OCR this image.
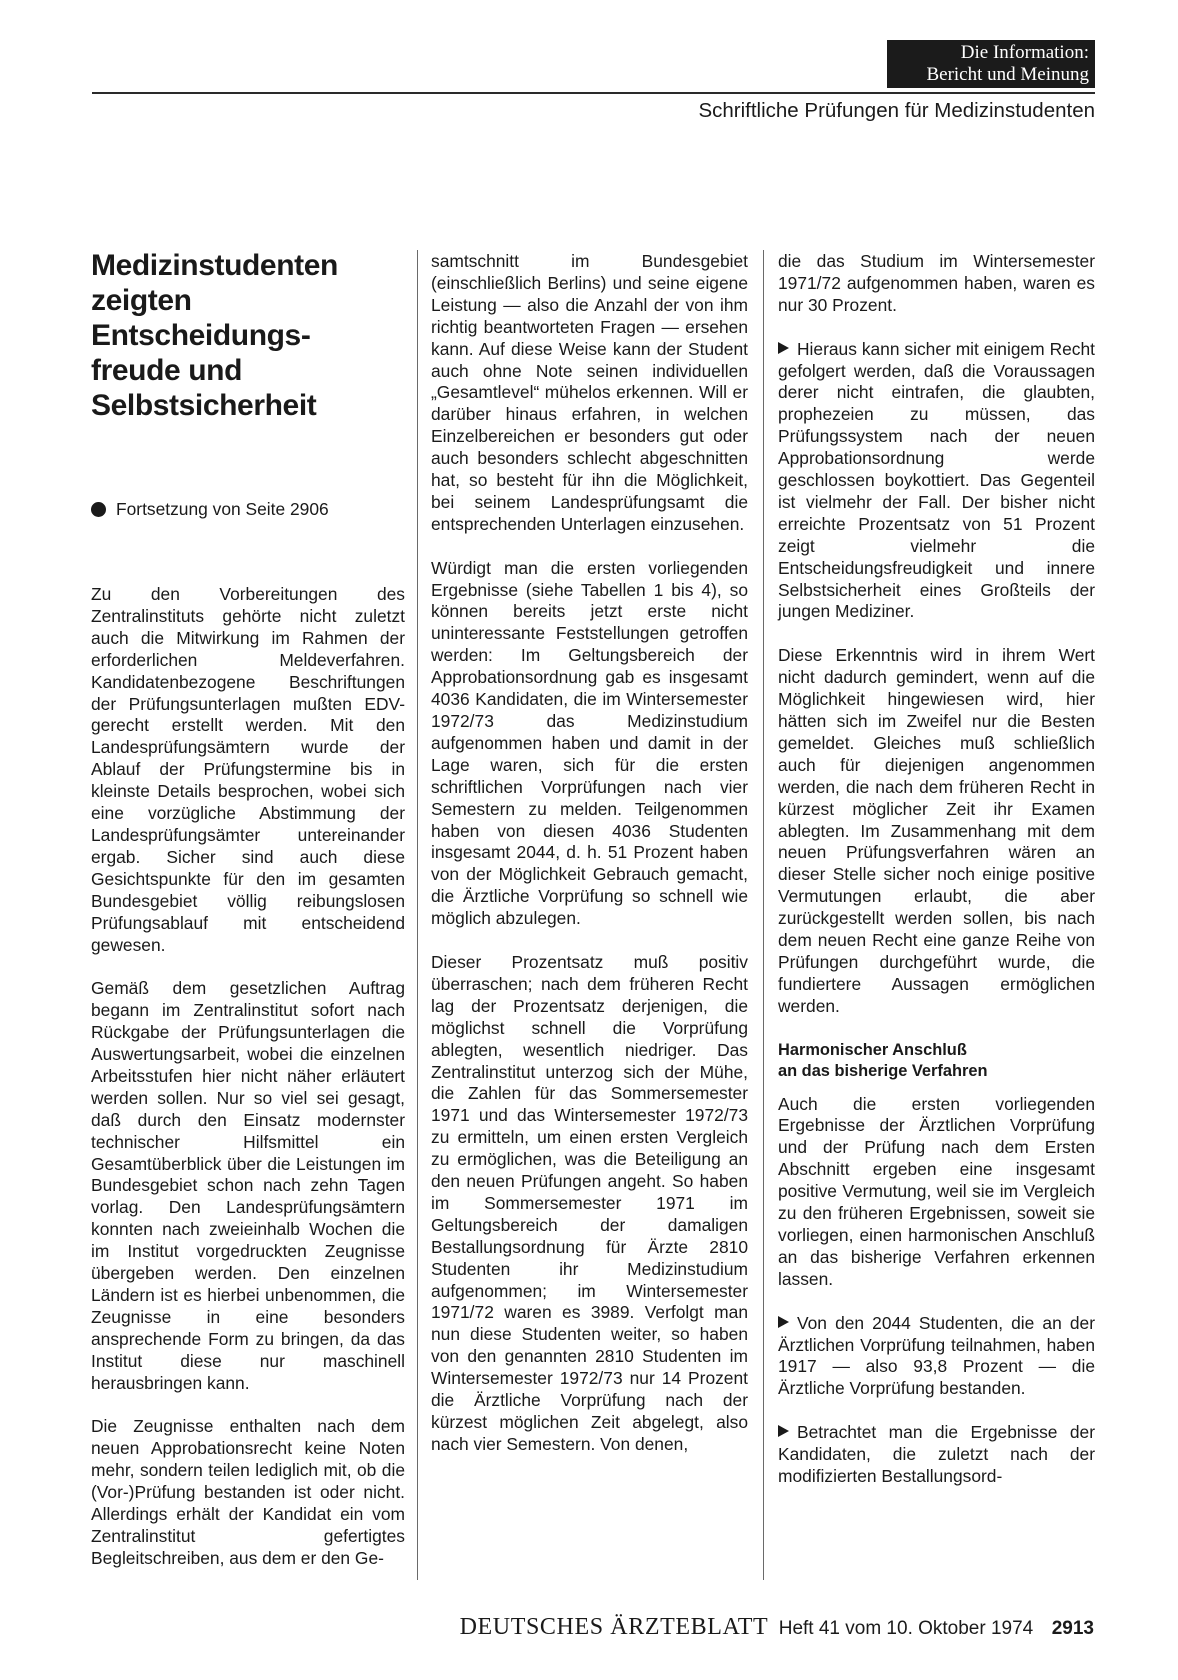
Die Information:
Bericht und Meinung
Schriftliche Prüfungen für Medizinstudenten
Medizinstudenten
zeigten Entscheidungs-
freude und
Selbstsicherheit
Fortsetzung von Seite 2906

Zu den Vorbereitungen des Zentralinstituts gehörte nicht zuletzt auch die Mitwirkung im Rahmen der erforderlichen Meldeverfahren. Kandidatenbezogene Beschriftungen der Prüfungsunterlagen mußten EDV-gerecht erstellt werden. Mit den Landesprüfungsämtern wurde der Ablauf der Prüfungstermine bis in kleinste Details besprochen, wobei sich eine vorzügliche Abstimmung der Landesprüfungsämter untereinander ergab. Sicher sind auch diese Gesichtspunkte für den im gesamten Bundesgebiet völlig reibungslosen Prüfungsablauf mit entscheidend gewesen.

Gemäß dem gesetzlichen Auftrag begann im Zentralinstitut sofort nach Rückgabe der Prüfungsunterlagen die Auswertungsarbeit, wobei die einzelnen Arbeitsstufen hier nicht näher erläutert werden sollen. Nur so viel sei gesagt, daß durch den Einsatz modernster technischer Hilfsmittel ein Gesamtüberblick über die Leistungen im Bundesgebiet schon nach zehn Tagen vorlag. Den Landesprüfungsämtern konnten nach zweieinhalb Wochen die im Institut vorgedruckten Zeugnisse übergeben werden. Den einzelnen Ländern ist es hierbei unbenommen, die Zeugnisse in eine besonders ansprechende Form zu bringen, da das Institut diese nur maschinell herausbringen kann.

Die Zeugnisse enthalten nach dem neuen Approbationsrecht keine Noten mehr, sondern teilen lediglich mit, ob die (Vor-)Prüfung bestanden ist oder nicht. Allerdings erhält der Kandidat ein vom Zentralinstitut gefertigtes Begleitschreiben, aus dem er den Ge-

samtschnitt im Bundesgebiet (einschließlich Berlins) und seine eigene Leistung — also die Anzahl der von ihm richtig beantworteten Fragen — ersehen kann. Auf diese Weise kann der Student auch ohne Note seinen individuellen „Gesamtlevel“ mühelos erkennen. Will er darüber hinaus erfahren, in welchen Einzelbereichen er besonders gut oder auch besonders schlecht abgeschnitten hat, so besteht für ihn die Möglichkeit, bei seinem Landesprüfungsamt die entsprechenden Unterlagen einzusehen.

Würdigt man die ersten vorliegenden Ergebnisse (siehe Tabellen 1 bis 4), so können bereits jetzt erste nicht uninteressante Feststellungen getroffen werden: Im Geltungsbereich der Approbationsordnung gab es insgesamt 4036 Kandidaten, die im Wintersemester 1972/73 das Medizinstudium aufgenommen haben und damit in der Lage waren, sich für die ersten schriftlichen Vorprüfungen nach vier Semestern zu melden. Teilgenommen haben von diesen 4036 Studenten insgesamt 2044, d. h. 51 Prozent haben von der Möglichkeit Gebrauch gemacht, die Ärztliche Vorprüfung so schnell wie möglich abzulegen.

Dieser Prozentsatz muß positiv überraschen; nach dem früheren Recht lag der Prozentsatz derjenigen, die möglichst schnell die Vorprüfung ablegten, wesentlich niedriger. Das Zentralinstitut unterzog sich der Mühe, die Zahlen für das Sommersemester 1971 und das Wintersemester 1972/73 zu ermitteln, um einen ersten Vergleich zu ermöglichen, was die Beteiligung an den neuen Prüfungen angeht. So haben im Sommersemester 1971 im Geltungsbereich der damaligen Bestallungsordnung für Ärzte 2810 Studenten ihr Medizinstudium aufgenommen; im Wintersemester 1971/72 waren es 3989. Verfolgt man nun diese Studenten weiter, so haben von den genannten 2810 Studenten im Wintersemester 1972/73 nur 14 Prozent die Ärztliche Vorprüfung nach der kürzest möglichen Zeit abgelegt, also nach vier Semestern. Von denen,

die das Studium im Wintersemester 1971/72 aufgenommen haben, waren es nur 30 Prozent.

Hieraus kann sicher mit einigem Recht gefolgert werden, daß die Voraussagen derer nicht eintrafen, die glaubten, prophezeien zu müssen, das Prüfungssystem nach der neuen Approbationsordnung werde geschlossen boykottiert. Das Gegenteil ist vielmehr der Fall. Der bisher nicht erreichte Prozentsatz von 51 Prozent zeigt vielmehr die Entscheidungsfreudigkeit und innere Selbstsicherheit eines Großteils der jungen Mediziner.

Diese Erkenntnis wird in ihrem Wert nicht dadurch gemindert, wenn auf die Möglichkeit hingewiesen wird, hier hätten sich im Zweifel nur die Besten gemeldet. Gleiches muß schließlich auch für diejenigen angenommen werden, die nach dem früheren Recht in kürzest möglicher Zeit ihr Examen ablegten. Im Zusammenhang mit dem neuen Prüfungsverfahren wären an dieser Stelle sicher noch einige positive Vermutungen erlaubt, die aber zurückgestellt werden sollen, bis nach dem neuen Recht eine ganze Reihe von Prüfungen durchgeführt wurde, die fundiertere Aussagen ermöglichen werden.

Harmonischer Anschluß
an das bisherige Verfahren

Auch die ersten vorliegenden Ergebnisse der Ärztlichen Vorprüfung und der Prüfung nach dem Ersten Abschnitt ergeben eine insgesamt positive Vermutung, weil sie im Vergleich zu den früheren Ergebnissen, soweit sie vorliegen, einen harmonischen Anschluß an das bisherige Verfahren erkennen lassen.

Von den 2044 Studenten, die an der Ärztlichen Vorprüfung teilnahmen, haben 1917 — also 93,8 Prozent — die Ärztliche Vorprüfung bestanden.

Betrachtet man die Ergebnisse der Kandidaten, die zuletzt nach der modifizierten Bestallungsord-

DEUTSCHES ÄRZTEBLATT Heft 41 vom 10. Oktober 1974 2913
